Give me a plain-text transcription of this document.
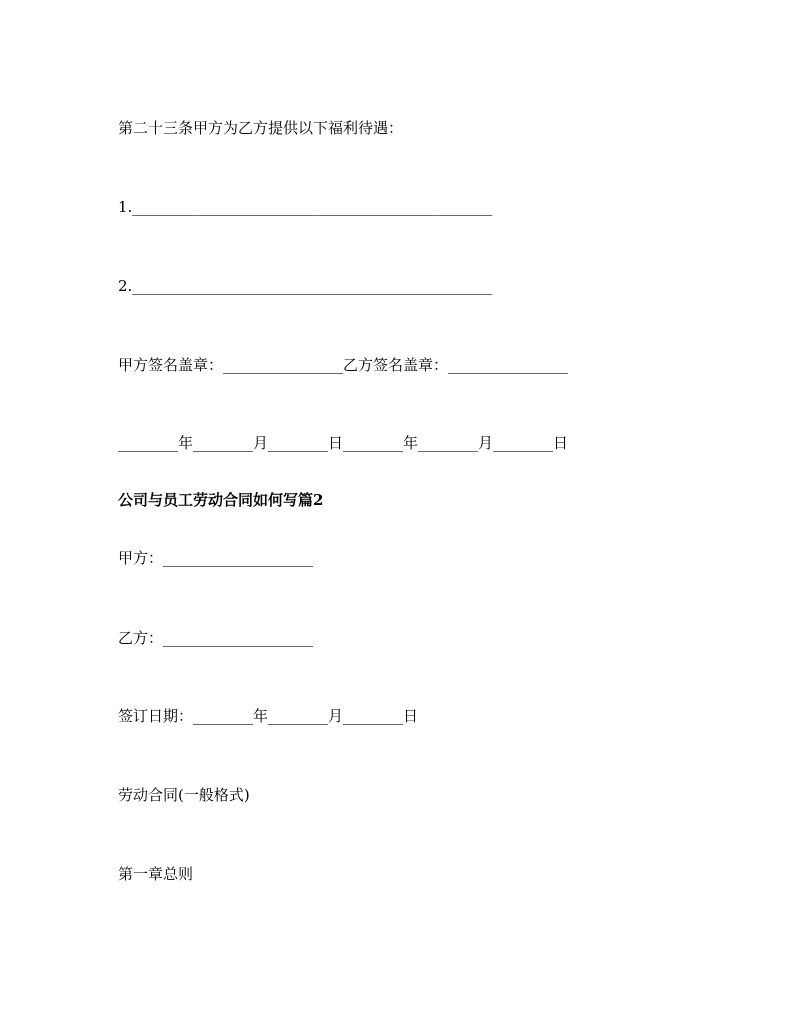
第二十三条甲方为乙方提供以下福利待遇：
1.________________________________________________
2.________________________________________________
甲方签名盖章：________________乙方签名盖章：________________
________年________月________日________年________月________日
公司与员工劳动合同如何写篇2
甲方：____________________
乙方：____________________
签订日期：________年________月________日
劳动合同(一般格式)
第一章总则
